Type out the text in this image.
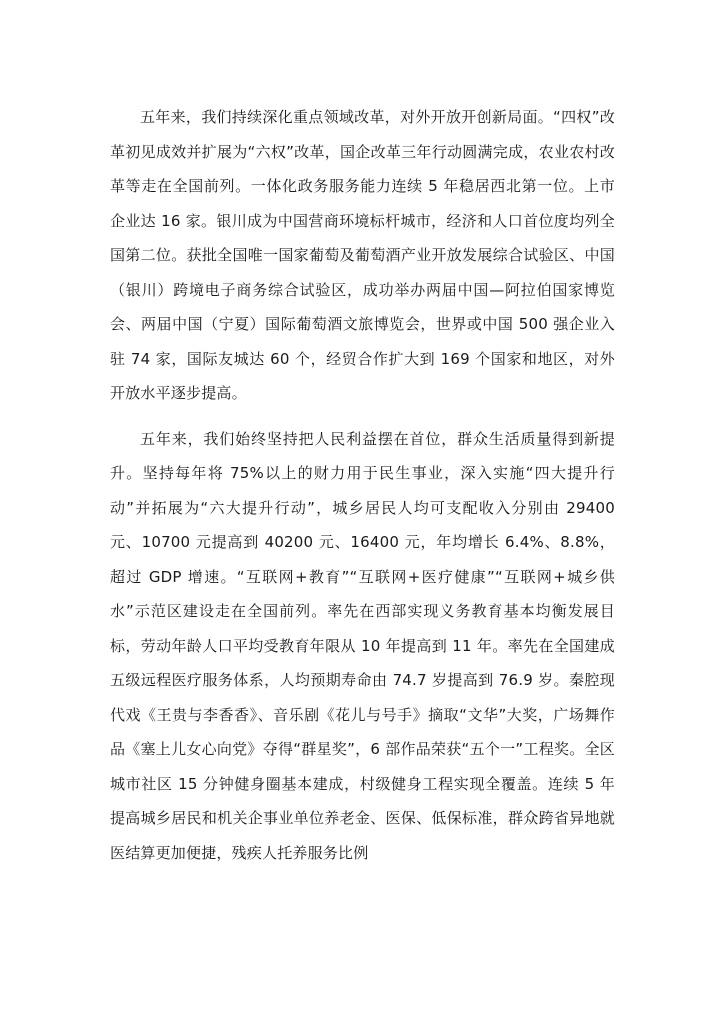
五年来，我们持续深化重点领域改革，对外开放开创新局面。“四权”改革初见成效并扩展为“六权”改革，国企改革三年行动圆满完成，农业农村改革等走在全国前列。一体化政务服务能力连续 5 年稳居西北第一位。上市企业达 16 家。银川成为中国营商环境标杆城市，经济和人口首位度均列全国第二位。获批全国唯一国家葡萄及葡萄酒产业开放发展综合试验区、中国（银川）跨境电子商务综合试验区，成功举办两届中国—阿拉伯国家博览会、两届中国（宁夏）国际葡萄酒文旅博览会，世界或中国 500 强企业入驻 74 家，国际友城达 60 个，经贸合作扩大到 169 个国家和地区，对外开放水平逐步提高。

五年来，我们始终坚持把人民利益摆在首位，群众生活质量得到新提升。坚持每年将 75%以上的财力用于民生事业，深入实施“四大提升行动”并拓展为“六大提升行动”，城乡居民人均可支配收入分别由 29400 元、10700 元提高到 40200 元、16400 元，年均增长 6.4%、8.8%，超过 GDP 增速。“互联网+教育”“互联网+医疗健康”“互联网+城乡供水”示范区建设走在全国前列。率先在西部实现义务教育基本均衡发展目标，劳动年龄人口平均受教育年限从 10 年提高到 11 年。率先在全国建成五级远程医疗服务体系，人均预期寿命由 74.7 岁提高到 76.9 岁。秦腔现代戏《王贵与李香香》、音乐剧《花儿与号手》摘取“文华”大奖，广场舞作品《塞上儿女心向党》夺得“群星奖”，6 部作品荣获“五个一”工程奖。全区城市社区 15 分钟健身圈基本建成，村级健身工程实现全覆盖。连续 5 年提高城乡居民和机关企事业单位养老金、医保、低保标准，群众跨省异地就医结算更加便捷，残疾人托养服务比例
